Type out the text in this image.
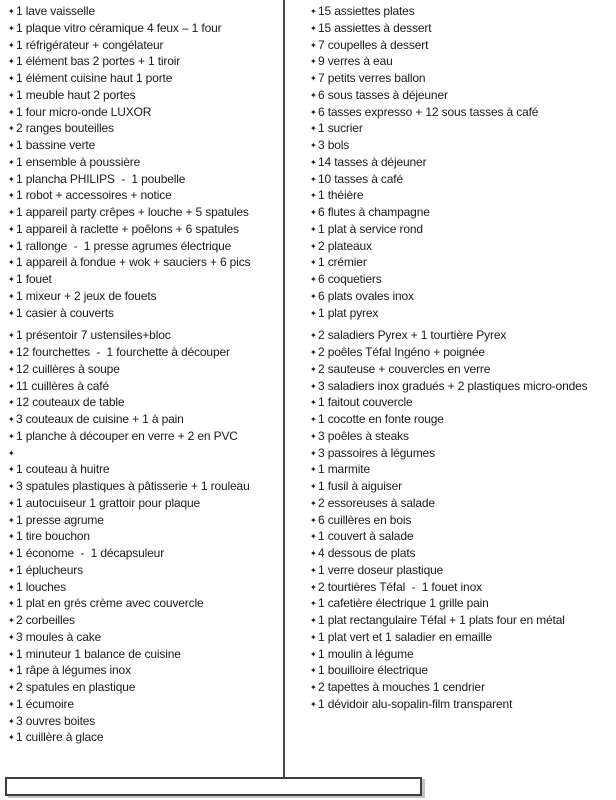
✦1 lave vaisselle
✦1 plaque vitro céramique 4 feux – 1 four
✦1 réfrigérateur + congélateur
✦1 élément bas 2 portes + 1 tiroir
✦1 élément cuisine haut 1 porte
✦1 meuble haut 2 portes
✦1 four micro-onde LUXOR
✦2 ranges bouteilles
✦1 bassine verte
✦1 ensemble à poussière
✦1 plancha PHILIPS  -  1 poubelle
✦1 robot + accessoires + notice
✦1 appareil party crêpes + louche + 5 spatules
✦1 appareil à raclette + poêlons + 6 spatules
✦1 rallonge  -  1 presse agrumes électrique
✦1 appareil à fondue + wok + sauciers + 6 pics
✦1 fouet
✦1 mixeur + 2 jeux de fouets
✦1 casier à couverts
✦1 présentoir 7 ustensiles+bloc
✦12 fourchettes  -  1 fourchette à découper
✦12 cuillères à soupe
✦11 cuillères à café
✦12 couteaux de table
✦3 couteaux de cuisine + 1 à pain
✦1 planche à découper en verre + 2 en PVC
✦
✦1 couteau à huitre
✦3 spatules plastiques à pâtisserie + 1 rouleau
✦1 autocuiseur 1 grattoir pour plaque
✦1 presse agrume
✦1 tire bouchon
✦1 économe  -  1 décapsuleur
✦1 éplucheurs
✦1 louches
✦1 plat en grés crème avec couvercle
✦2 corbeilles
✦3 moules à cake
✦1 minuteur 1 balance de cuisine
✦1 râpe à légumes inox
✦2 spatules en plastique
✦1 écumoire
✦3 ouvres boites
✦1 cuillère à glace
✦15 assiettes plates
✦15 assiettes à dessert
✦7 coupelles à dessert
✦9 verres à eau
✦7 petits verres ballon
✦6 sous tasses à déjeuner
✦6 tasses expresso + 12 sous tasses à café
✦1 sucrier
✦3 bols
✦14 tasses à déjeuner
✦10 tasses à café
✦1 théière
✦6 flutes à champagne
✦1 plat à service rond
✦2 plateaux
✦1 crémier
✦6 coquetiers
✦6 plats ovales inox
✦1 plat pyrex
✦2 saladiers Pyrex + 1 tourtière Pyrex
✦2 poêles Téfal Ingéno + poignée
✦2 sauteuse + couvercles en verre
✦3 saladiers inox gradués + 2 plastiques micro-ondes
✦1 faitout couvercle
✦1 cocotte en fonte rouge
✦3 poêles à steaks
✦3 passoires à légumes
✦1 marmite
✦1 fusil à aiguiser
✦2 essoreuses à salade
✦6 cuillères en bois
✦1 couvert à salade
✦4 dessous de plats
✦1 verre doseur plastique
✦2 tourtières Téfal  -  1 fouet inox
✦1 cafetière électrique 1 grille pain
✦1 plat rectangulaire Téfal + 1 plats four en métal
✦1 plat vert et 1 saladier en emaille
✦1 moulin à légume
✦1 bouilloire électrique
✦2 tapettes à mouches 1 cendrier
✦1 dévidoir alu-sopalin-film transparent
